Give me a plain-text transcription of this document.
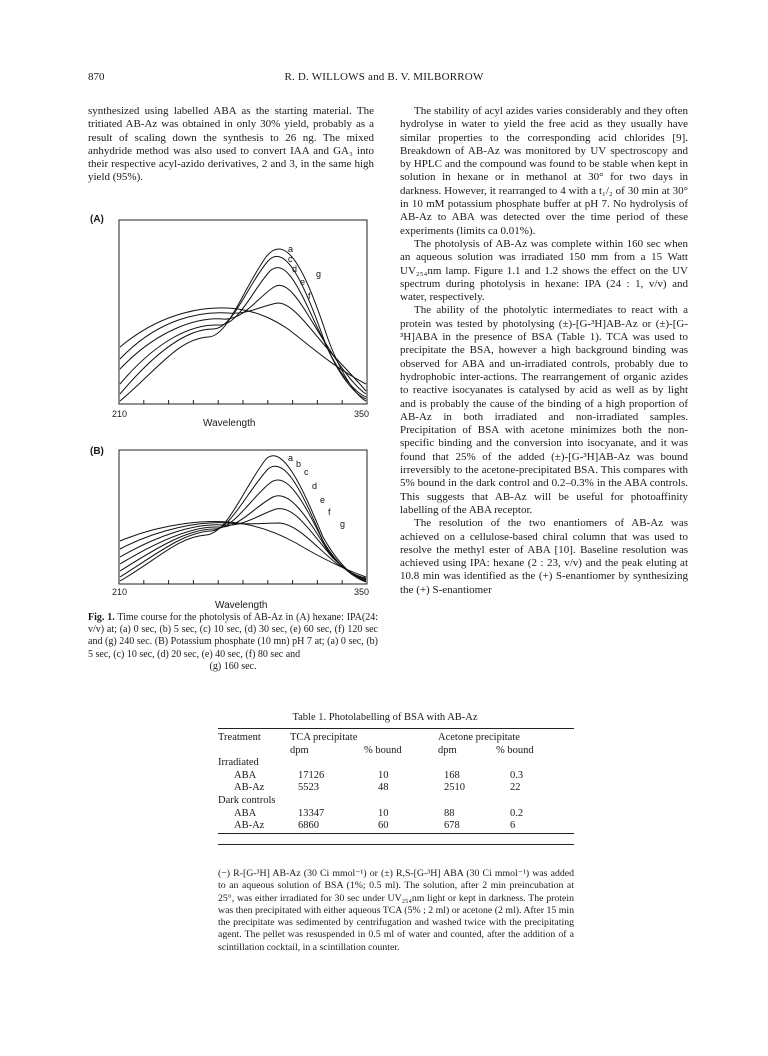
870	R. D. WILLOWS and B. V. MILBORROW

synthesized using labelled ABA as the starting material. The tritiated AB-Az was obtained in only 30% yield, probably as a result of scaling down the synthesis to 26 ng. The mixed anhydride method was also used to convert IAA and GA₃ into their respective acyl-azido derivatives, 2 and 3, in the same high yield (95%).

(A)
a
c
d
e
f
g
210	350
Wavelength
(B)
a
b
c
d
e
f
g
210	350
Wavelength
Fig. 1. Time course for the photolysis of AB-Az in (A) hexane: IPA(24: v/v) at; (a) 0 sec, (b) 5 sec, (c) 10 sec, (d) 30 sec, (e) 60 sec, (f) 120 sec and (g) 240 sec. (B) Potassium phosphate (10 mn) pH 7 at; (a) 0 sec, (b) 5 sec, (c) 10 sec, (d) 20 sec, (e) 40 sec, (f) 80 sec and
(g) 160 sec.

The stability of acyl azides varies considerably and they often hydrolyse in water to yield the free acid as they usually have similar properties to the corresponding acid chlorides [9]. Breakdown of AB-Az was monitored by UV spectroscopy and by HPLC and the compound was found to be stable when kept in solution in hexane or in methanol at 30° for two days in darkness. However, it rearranged to 4 with a t₁/₂ of 30 min at 30° in 10 mM potassium phosphate buffer at pH 7. No hydrolysis of AB-Az to ABA was detected over the time period of these experiments (limits ca 0.01%).

The photolysis of AB-Az was complete within 160 sec when an aqueous solution was irradiated 150 mm from a 15 Watt UV₂₅₄nm lamp. Figure 1.1 and 1.2 shows the effect on the UV spectrum during photolysis in hexane: IPA (24 : 1, v/v) and water, respectively.

The ability of the photolytic intermediates to react with a protein was tested by photolysing (±)-[G-³H]AB-Az or (±)-[G-³H]ABA in the presence of BSA (Table 1). TCA was used to precipitate the BSA, however a high background binding was observed for ABA and un-irradiated controls, probably due to hydrophobic inter-actions. The rearrangement of organic azides to reactive isocyanates is catalysed by acid as well as by light and is probably the cause of the binding of a high proportion of AB-Az in both irradiated and non-irradiated samples. Precipitation of BSA with acetone minimizes both the non-specific binding and the conversion into isocyanate, and it was found that 25% of the added (±)-[G-³H]AB-Az was bound irreversibly to the acetone-precipitated BSA. This compares with 5% bound in the dark control and 0.2–0.3% in the ABA controls. This suggests that AB-Az will be useful for photoaffinity labelling of the ABA receptor.

The resolution of the two enantiomers of AB-Az was achieved on a cellulose-based chiral column that was used to resolve the methyl ester of ABA [10]. Baseline resolution was achieved using IPA: hexane (2 : 23, v/v) and the peak eluting at 10.8 min was identified as the (+) S-enantiomer by synthesizing the (+) S-enantiomer

Table 1. Photolabelling of BSA with AB-Az
Treatment	TCA precipitate		Acetone precipitate	
	dpm	% bound	dpm	% bound
Irradiated				
ABA	17126	10	168	0.3
AB-Az	5523	48	2510	22
Dark controls				
ABA	13347	10	88	0.2
AB-Az	6860	60	678	6

(−) R-[G-³H] AB-Az (30 Ci mmol⁻¹) or (±) R,S-[G-³H] ABA (30 Ci mmol⁻¹) was added to an aqueous solution of BSA (1%; 0.5 ml). The solution, after 2 min preincubation at 25°, was either irradiated for 30 sec under UV₂₅₄nm light or kept in darkness. The protein was then precipitated with either aqueous TCA (5% ; 2 ml) or acetone (2 ml). After 15 min the precipitate was sedimented by centrifugation and washed twice with the precipitating agent. The pellet was resuspended in 0.5 ml of water and counted, after the addition of a scintillation cocktail, in a scintillation counter.
